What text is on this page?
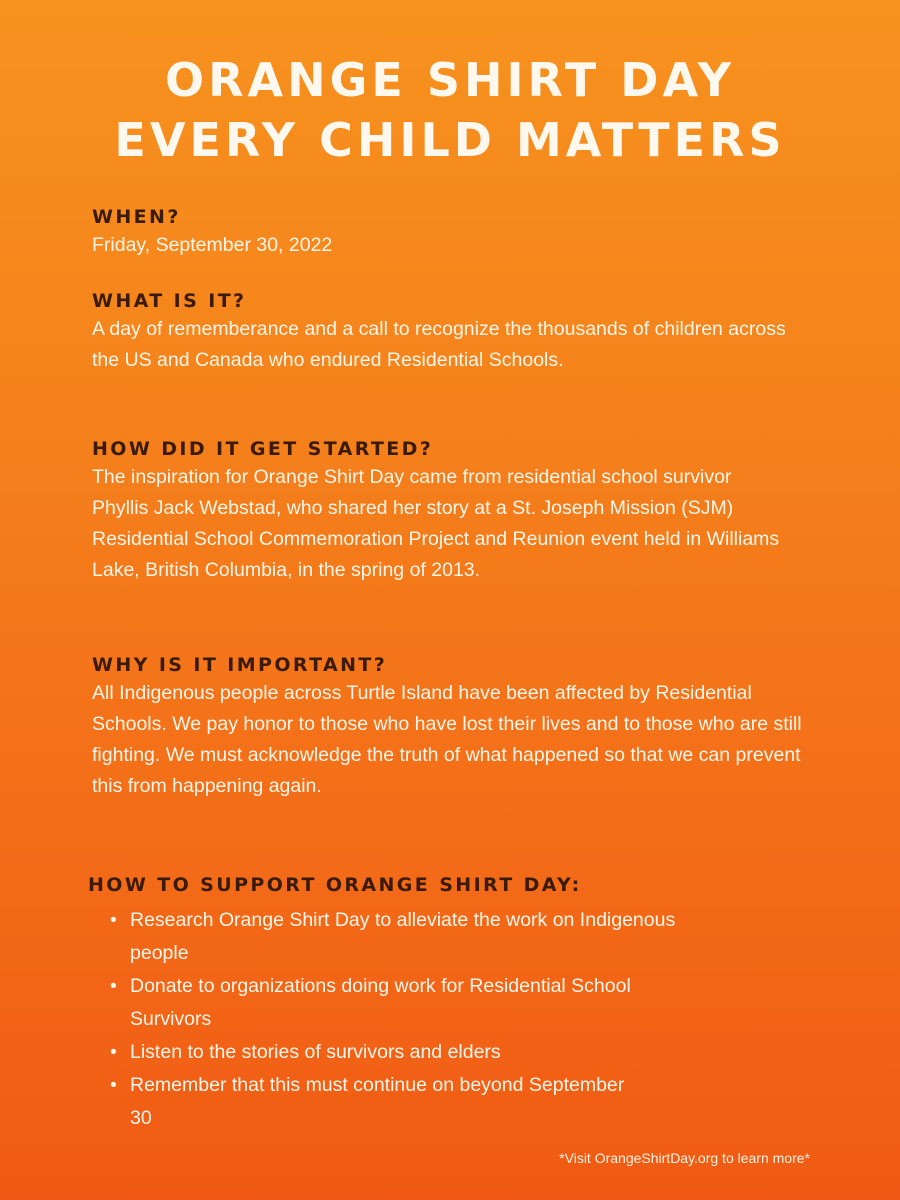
ORANGE SHIRT DAY
EVERY CHILD MATTERS
WHEN?
Friday, September 30, 2022
WHAT IS IT?
A day of rememberance and a call to recognize the thousands of children across the US and Canada who endured Residential Schools.
HOW DID IT GET STARTED?
The inspiration for Orange Shirt Day came from residential school survivor Phyllis Jack Webstad, who shared her story at a St. Joseph Mission (SJM) Residential School Commemoration Project and Reunion event held in Williams Lake, British Columbia, in the spring of 2013.
WHY IS IT IMPORTANT?
All Indigenous people across Turtle Island have been affected by Residential Schools. We pay honor to those who have lost their lives and to those who are still fighting. We must acknowledge the truth of what happened so that we can prevent this from happening again.
HOW TO SUPPORT ORANGE SHIRT DAY:
• Research Orange Shirt Day to alleviate the work on Indigenous people
• Donate to organizations doing work for Residential School Survivors
• Listen to the stories of survivors and elders
• Remember that this must continue on beyond September 30
*Visit OrangeShirtDay.org to learn more*
